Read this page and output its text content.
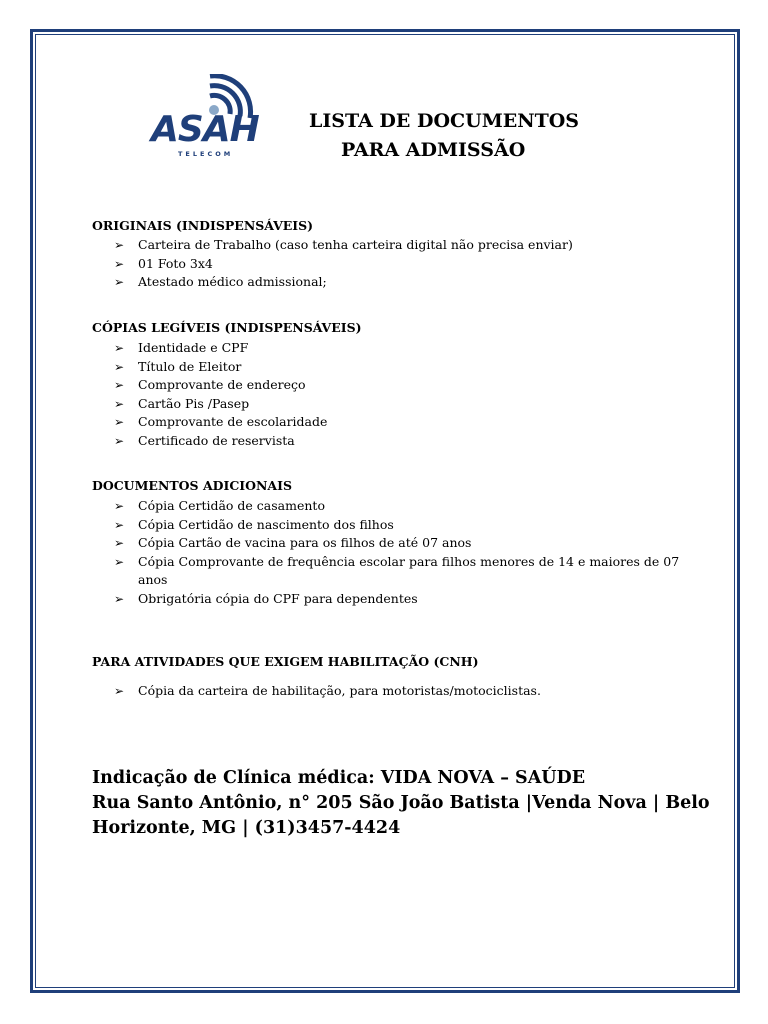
ASAH
TELECOM
LISTA DE DOCUMENTOS
PARA ADMISSÃO
ORIGINAIS (INDISPENSÁVEIS)
➢ Carteira de Trabalho (caso tenha carteira digital não precisa enviar)
➢ 01 Foto 3x4
➢ Atestado médico admissional;
CÓPIAS LEGÍVEIS (INDISPENSÁVEIS)
➢ Identidade e CPF
➢ Título de Eleitor
➢ Comprovante de endereço
➢ Cartão Pis /Pasep
➢ Comprovante de escolaridade
➢ Certificado de reservista
DOCUMENTOS ADICIONAIS
➢ Cópia Certidão de casamento
➢ Cópia Certidão de nascimento dos filhos
➢ Cópia Cartão de vacina para os filhos de até 07 anos
➢ Cópia Comprovante de frequência escolar para filhos menores de 14 e maiores de 07 anos
➢ Obrigatória cópia do CPF para dependentes
PARA ATIVIDADES QUE EXIGEM HABILITAÇÃO (CNH)
➢ Cópia da carteira de habilitação, para motoristas/motociclistas.
Indicação de Clínica médica: VIDA NOVA – SAÚDE
Rua Santo Antônio, n° 205 São João Batista |Venda Nova | Belo
Horizonte, MG | (31)3457-4424
